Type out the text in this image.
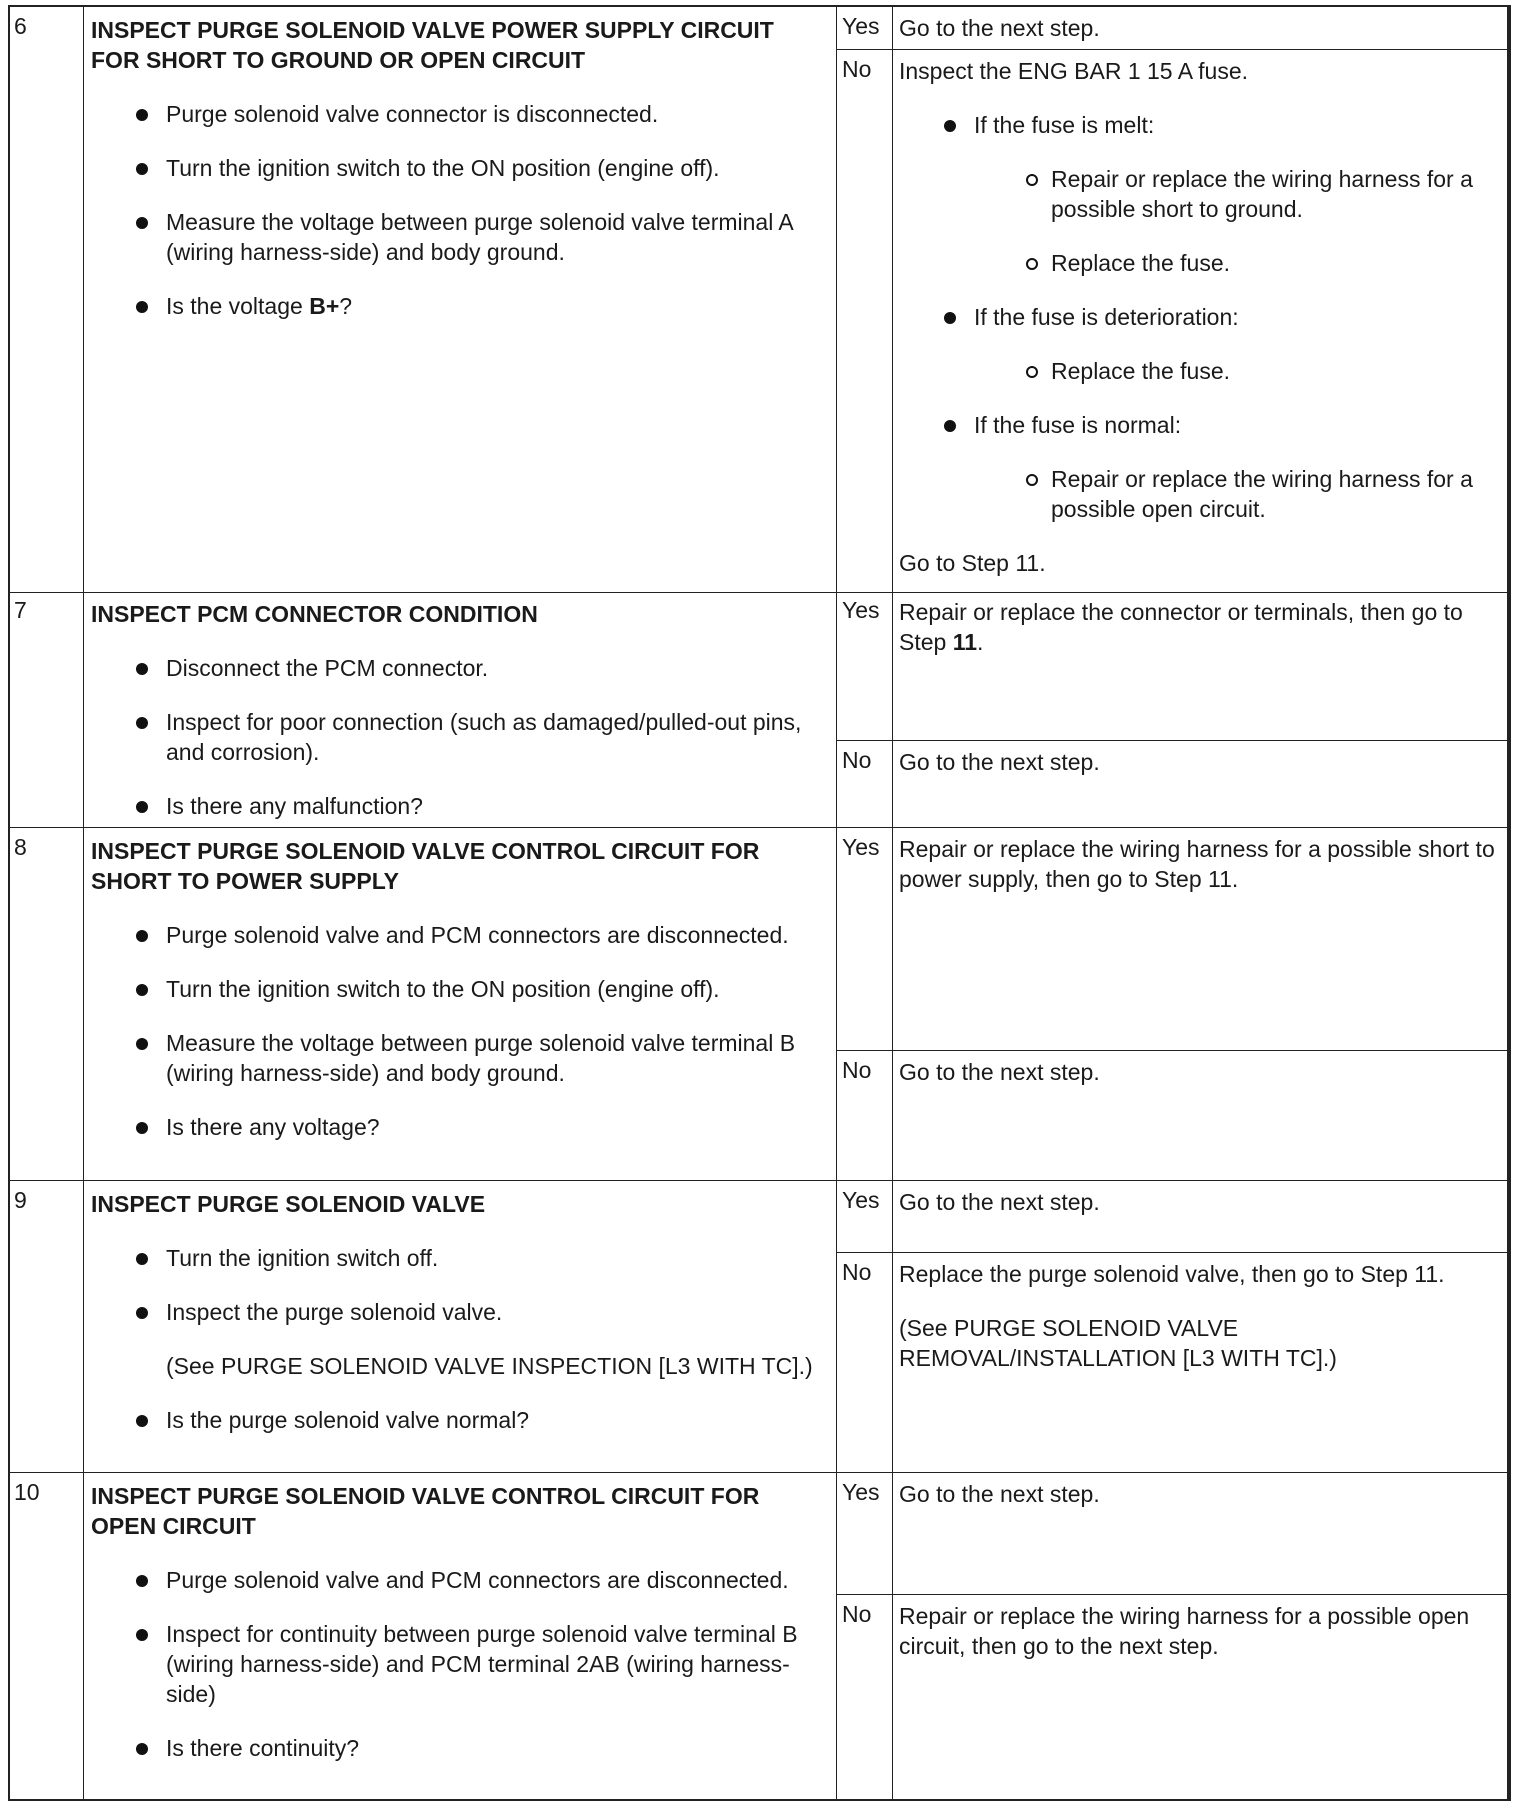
6	INSPECT PURGE SOLENOID VALVE POWER SUPPLY CIRCUIT FOR SHORT TO GROUND OR OPEN CIRCUIT

Purge solenoid valve connector is disconnected.
Turn the ignition switch to the ON position (engine off).
Measure the voltage between purge solenoid valve terminal A (wiring harness-side) and body ground.
Is the voltage B+?
Yes Go to the next step.
No	Inspect the ENG BAR 1 15 A fuse.

If the fuse is melt:
Repair or replace the wiring harness for a possible short to ground.
Replace the fuse.
If the fuse is deterioration:
Replace the fuse.
If the fuse is normal:
Repair or replace the wiring harness for a possible open circuit.

Go to Step 11.

7	INSPECT PCM CONNECTOR CONDITION

Disconnect the PCM connector.
Inspect for poor connection (such as damaged/pulled-out pins, and corrosion).
Is there any malfunction?
Yes Repair or replace the connector or terminals, then go to Step 11.
No	Go to the next step.
8	INSPECT PURGE SOLENOID VALVE CONTROL CIRCUIT FOR SHORT TO POWER SUPPLY

Purge solenoid valve and PCM connectors are disconnected.
Turn the ignition switch to the ON position (engine off).
Measure the voltage between purge solenoid valve terminal B (wiring harness-side) and body ground.
Is there any voltage?
Yes Repair or replace the wiring harness for a possible short to power supply, then go to Step 11.
No	Go to the next step.
9	INSPECT PURGE SOLENOID VALVE

Turn the ignition switch off.
Inspect the purge solenoid valve.
(See PURGE SOLENOID VALVE INSPECTION [L3 WITH TC].)
Is the purge solenoid valve normal?
Yes Go to the next step.
No	Replace the purge solenoid valve, then go to Step 11.

(See PURGE SOLENOID VALVE REMOVAL/INSTALLATION [L3 WITH TC].)

10	INSPECT PURGE SOLENOID VALVE CONTROL CIRCUIT FOR OPEN CIRCUIT

Purge solenoid valve and PCM connectors are disconnected.
Inspect for continuity between purge solenoid valve terminal B (wiring harness-side) and PCM terminal 2AB (wiring harness-side)
Is there continuity?
Yes Go to the next step.
No	Repair or replace the wiring harness for a possible open circuit, then go to the next step.
